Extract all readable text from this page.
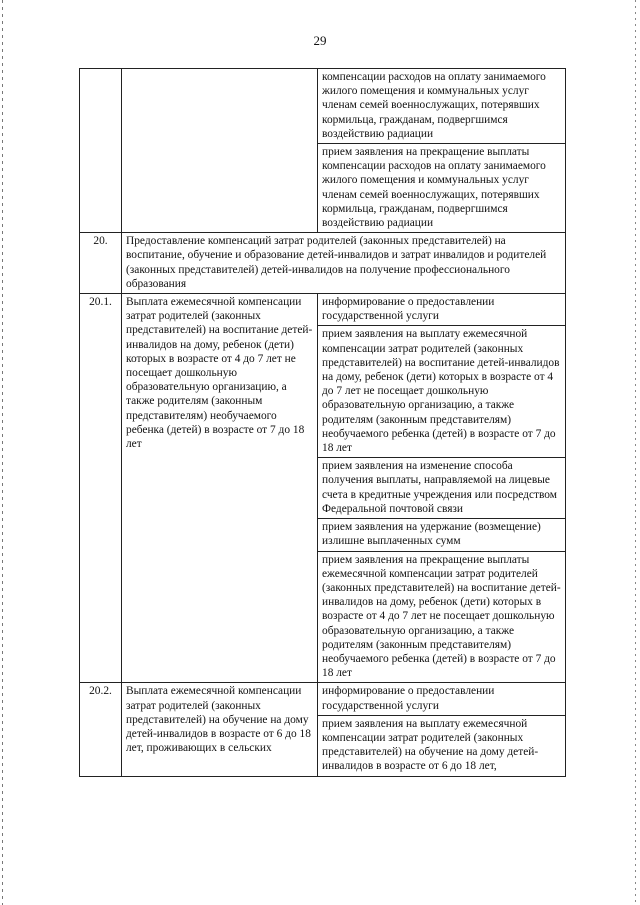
29
		компенсации расходов на оплату занимаемого жилого помещения и коммунальных услуг членам семей военнослужащих, потерявших кормильца, гражданам, подвергшимся воздействию радиации
		прием заявления на прекращение выплаты компенсации расходов на оплату занимаемого жилого помещения и коммунальных услуг членам семей военнослужащих, потерявших кормильца, гражданам, подвергшимся воздействию радиации
20.	Предоставление компенсаций затрат родителей (законных представителей) на воспитание, обучение и образование детей-инвалидов и затрат инвалидов и родителей (законных представителей) детей-инвалидов на получение профессионального образования	
20.1.	Выплата ежемесячной компенсации затрат родителей (законных представителей) на воспитание детей-инвалидов на дому, ребенок (дети) которых в возрасте от 4 до 7 лет не посещает дошкольную образовательную организацию, а также родителям (законным представителям) необучаемого ребенка (детей) в возрасте от 7 до 18 лет	информирование о предоставлении государственной услуги
		прием заявления на выплату ежемесячной компенсации затрат родителей (законных представителей) на воспитание детей-инвалидов на дому, ребенок (дети) которых в возрасте от 4 до 7 лет не посещает дошкольную образовательную организацию, а также родителям (законным представителям) необучаемого ребенка (детей) в возрасте от 7 до 18 лет
		прием заявления на изменение способа получения выплаты, направляемой на лицевые счета в кредитные учреждения или посредством Федеральной почтовой связи
		прием заявления на удержание (возмещение) излишне выплаченных сумм
		прием заявления на прекращение выплаты ежемесячной компенсации затрат родителей (законных представителей) на воспитание детей-инвалидов на дому, ребенок (дети) которых в возрасте от 4 до 7 лет не посещает дошкольную образовательную организацию, а также родителям (законным представителям) необучаемого ребенка (детей) в возрасте от 7 до 18 лет
20.2.	Выплата ежемесячной компенсации затрат родителей (законных представителей) на обучение на дому детей-инвалидов в возрасте от 6 до 18 лет, проживающих в сельских	информирование о предоставлении государственной услуги
		прием заявления на выплату ежемесячной компенсации затрат родителей (законных представителей) на обучение на дому детей-инвалидов в возрасте от 6 до 18 лет,
